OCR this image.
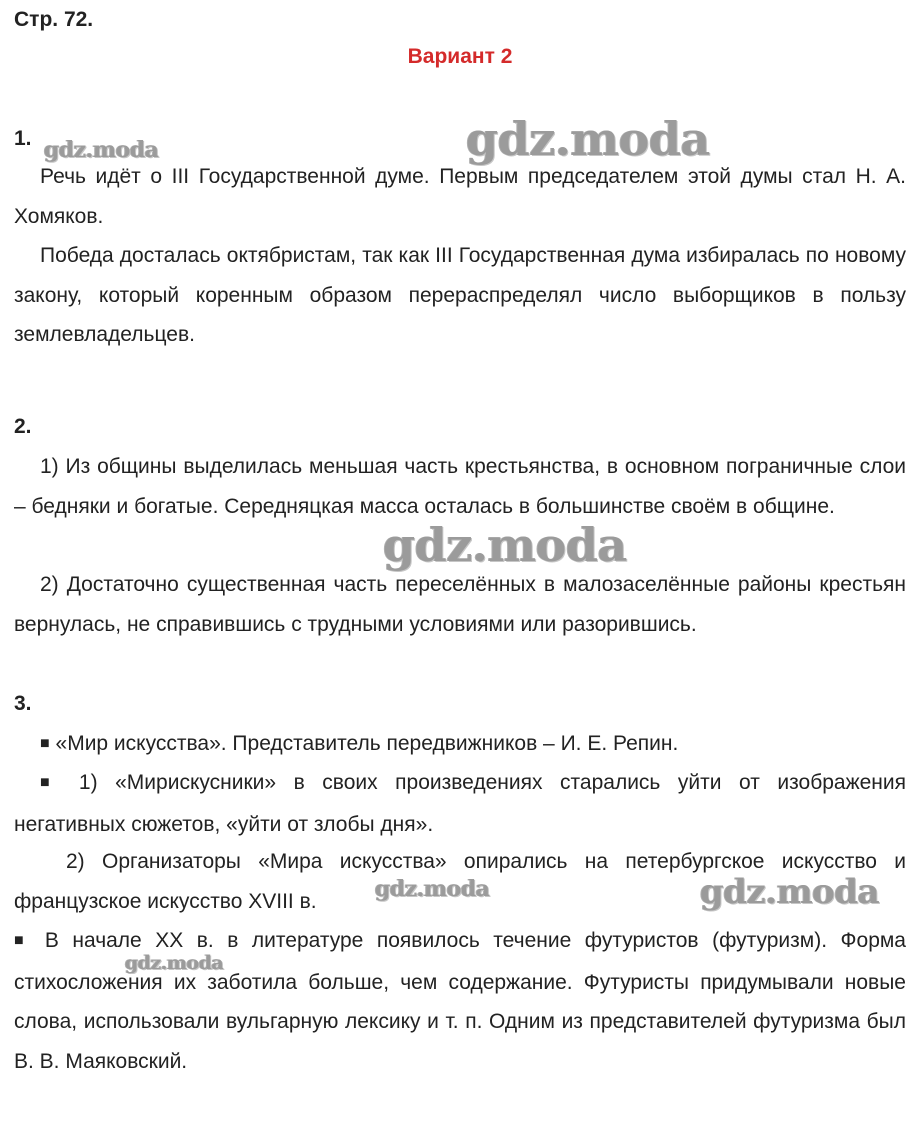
Стр. 72.
Вариант 2
1.

Речь идёт о III Государственной думе. Первым председателем этой думы стал Н. А. Хомяков.

Победа досталась октябристам, так как III Государственная дума избиралась по новому закону, который коренным образом перераспределял число выборщиков в пользу землевладельцев.

2.

1) Из общины выделилась меньшая часть крестьянства, в основном пограничные слои – бедняки и богатые. Середняцкая масса осталась в большинстве своём в общине.

2) Достаточно существенная часть переселённых в малозаселённые районы крестьян вернулась, не справившись с трудными условиями или разорившись.

3.

■ «Мир искусства». Представитель передвижников – И. Е. Репин.

■ 1) «Мирискусники» в своих произведениях старались уйти от изображения негативных сюжетов, «уйти от злобы дня».

2) Организаторы «Мира искусства» опирались на петербургское искусство и французское искусство XVIII в.

■ В начале XX в. в литературе появилось течение футуристов (футуризм). Форма стихосложения их заботила больше, чем содержание. Футуристы придумывали новые слова, использовали вульгарную лексику и т. п. Одним из представителей футуризма был В. В. Маяковский.

gdz.moda	gdz.moda
gdz.moda
gdz.moda	gdz.moda
gdz.moda
